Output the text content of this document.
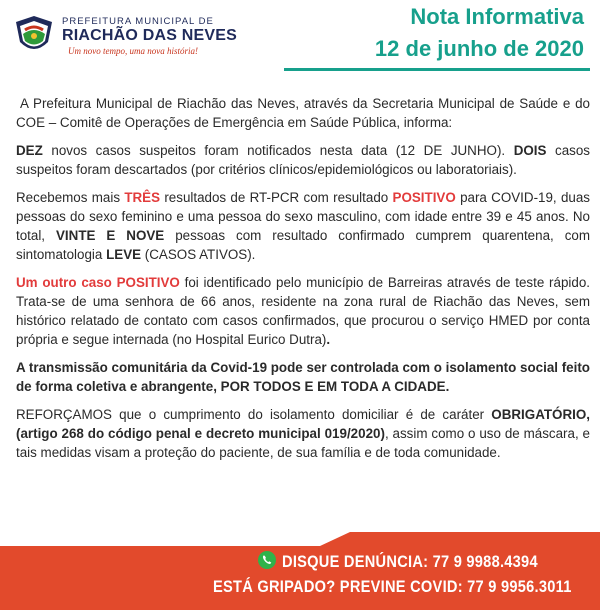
PREFEITURA MUNICIPAL DE
RIACHÃO DAS NEVES
Um novo tempo, uma nova história!
Nota Informativa
12 de junho de 2020

A Prefeitura Municipal de Riachão das Neves, através da Secretaria Municipal de Saúde e do COE – Comitê de Operações de Emergência em Saúde Pública, informa:

DEZ novos casos suspeitos foram notificados nesta data (12 DE JUNHO). DOIS casos suspeitos foram descartados (por critérios clínicos/epidemiológicos ou laboratoriais).

Recebemos mais TRÊS resultados de RT-PCR com resultado POSITIVO para COVID-19, duas pessoas do sexo feminino e uma pessoa do sexo masculino, com idade entre 39 e 45 anos. No total, VINTE E NOVE pessoas com resultado confirmado cumprem quarentena, com sintomatologia LEVE (CASOS ATIVOS).

Um outro caso POSITIVO foi identificado pelo município de Barreiras através de teste rápido. Trata-se de uma senhora de 66 anos, residente na zona rural de Riachão das Neves, sem histórico relatado de contato com casos confirmados, que procurou o serviço HMED por conta própria e segue internada (no Hospital Eurico Dutra).

A transmissão comunitária da Covid-19 pode ser controlada com o isolamento social feito de forma coletiva e abrangente, POR TODOS E EM TODA A CIDADE.

REFORÇAMOS que o cumprimento do isolamento domiciliar é de caráter OBRIGATÓRIO, (artigo 268 do código penal e decreto municipal 019/2020), assim como o uso de máscara, e tais medidas visam a proteção do paciente, de sua família e de toda comunidade.

DISQUE DENÚNCIA: 77 9 9988.4394
ESTÁ GRIPADO? PREVINE COVID: 77 9 9956.3011
